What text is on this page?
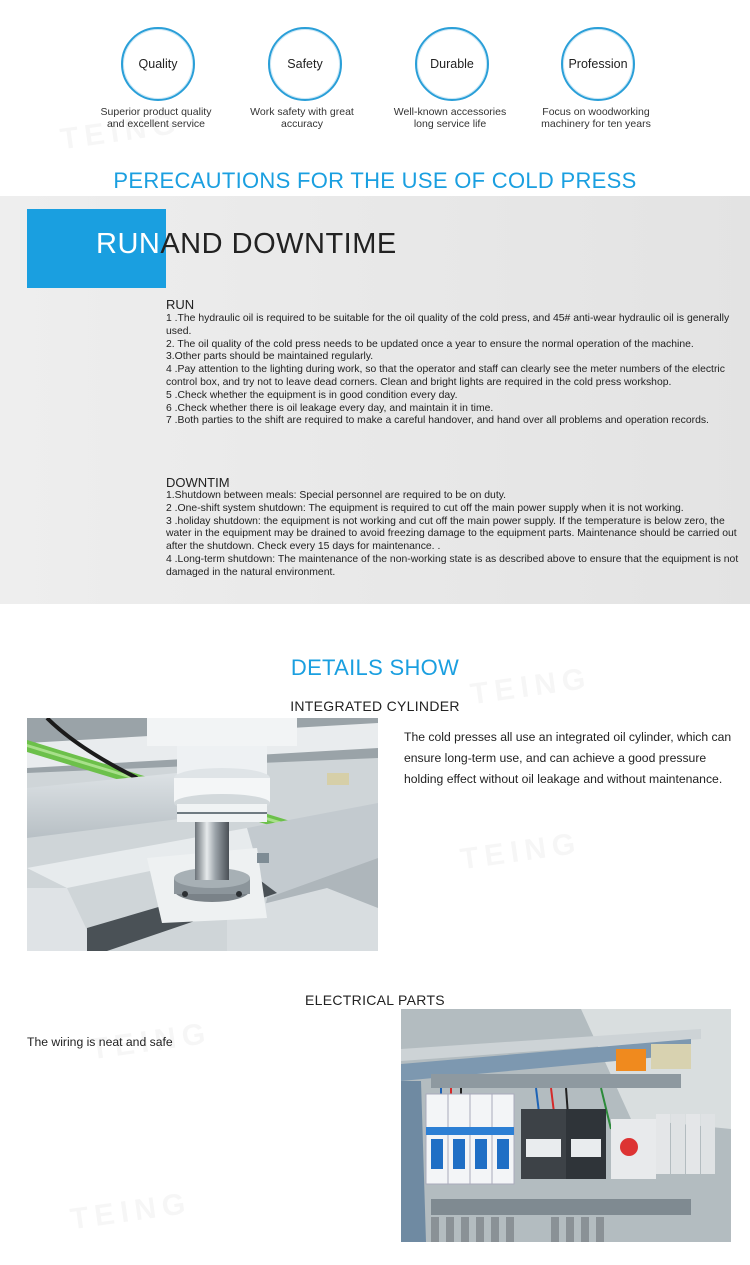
Quality
Superior product quality
and excellent service
Safety
Work safety with great
accuracy
Durable
Well-known accessories
long service life
Profession
Focus on woodworking
machinery for ten years
PERECAUTIONS FOR THE USE OF COLD PRESS
RUNAND DOWNTIME
RUN
1 .The hydraulic oil is required to be suitable for the oil quality of the cold press, and 45# anti-wear hydraulic oil is generally used.
2. The oil quality of the cold press needs to be updated once a year to ensure the normal operation of the machine.
3.Other parts should be maintained regularly.
4 .Pay attention to the lighting during work, so that the operator and staff can clearly see the meter numbers of the electric control box, and try not to leave dead corners. Clean and bright lights are required in the cold press workshop.
5 .Check whether the equipment is in good condition every day.
6 .Check whether there is oil leakage every day, and maintain it in time.
7 .Both parties to the shift are required to make a careful handover, and hand over all problems and operation records.
DOWNTIM
1.Shutdown between meals: Special personnel are required to be on duty.
2 .One-shift system shutdown: The equipment is required to cut off the main power supply when it is not working.
3 .holiday shutdown: the equipment is not working and cut off the main power supply. If the temperature is below zero, the water in the equipment may be drained to avoid freezing damage to the equipment parts. Maintenance should be carried out after the shutdown. Check every 15 days for maintenance. .
4 .Long-term shutdown: The maintenance of the non-working state is as described above to ensure that the equipment is not damaged in the natural environment.
DETAILS SHOW
INTEGRATED CYLINDER
The cold presses all use an integrated oil cylinder, which can ensure long-term use, and can achieve a good pressure holding effect without oil leakage and without maintenance.
ELECTRICAL PARTS
The wiring is neat and safe
